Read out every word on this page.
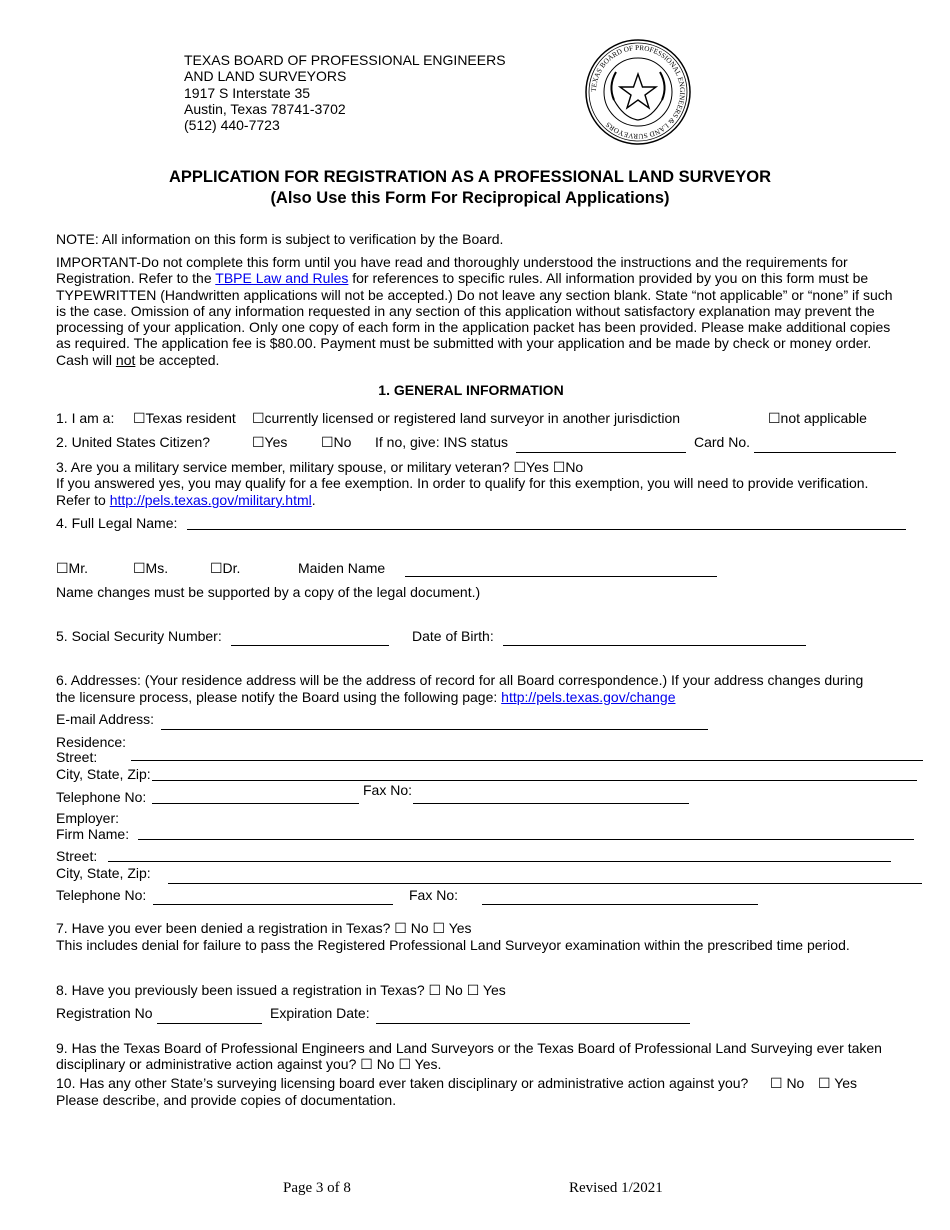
TEXAS BOARD OF PROFESSIONAL ENGINEERS
AND LAND SURVEYORS
1917 S Interstate 35
Austin, Texas 78741-3702
(512) 440-7723
TEXAS BOARD OF PROFESSIONAL ENGINEERS & LAND SURVEYORS
APPLICATION FOR REGISTRATION AS A PROFESSIONAL LAND SURVEYOR
(Also Use this Form For Recipropical Applications)
NOTE: All information on this form is subject to verification by the Board.
IMPORTANT-Do not complete this form until you have read and thoroughly understood the instructions and the requirements for Registration. Refer to the TBPE Law and Rules for references to specific rules. All information provided by you on this form must be TYPEWRITTEN (Handwritten applications will not be accepted.) Do not leave any section blank. State “not applicable” or “none” if such is the case. Omission of any information requested in any section of this application without satisfactory explanation may prevent the processing of your application. Only one copy of each form in the application packet has been provided. Please make additional copies as required. The application fee is $80.00. Payment must be submitted with your application and be made by check or money order. Cash will not be accepted.
1. GENERAL INFORMATION
1. I am a: ☐Texas resident ☐currently licensed or registered land surveyor in another jurisdiction	☐not applicable
2. United States Citizen?	☐Yes ☐No If no, give: INS status	Card No.
3. Are you a military service member, military spouse, or military veteran? ☐Yes ☐No
If you answered yes, you may qualify for a fee exemption. In order to qualify for this exemption, you will need to provide verification.
Refer to http://pels.texas.gov/military.html.
4. Full Legal Name:
☐Mr.	☐Ms.	☐Dr.	Maiden Name
Name changes must be supported by a copy of the legal document.)
5. Social Security Number:	Date of Birth:
6. Addresses: (Your residence address will be the address of record for all Board correspondence.) If your address changes during
the licensure process, please notify the Board using the following page: http://pels.texas.gov/change
E-mail Address:
Residence:
Street:
City, State, Zip:
Telephone No:	Fax No:
Employer:
Firm Name:
Street:
City, State, Zip:
Telephone No:	Fax No:
7. Have you ever been denied a registration in Texas? ☐ No ☐ Yes
This includes denial for failure to pass the Registered Professional Land Surveyor examination within the prescribed time period.
8. Have you previously been issued a registration in Texas? ☐ No ☐ Yes
Registration No	Expiration Date:
9. Has the Texas Board of Professional Engineers and Land Surveyors or the Texas Board of Professional Land Surveying ever taken
disciplinary or administrative action against you? ☐ No ☐ Yes.
10. Has any other State’s surveying licensing board ever taken disciplinary or administrative action against you? ☐ No ☐ Yes
Please describe, and provide copies of documentation.
Page 3 of 8	Revised 1/2021
